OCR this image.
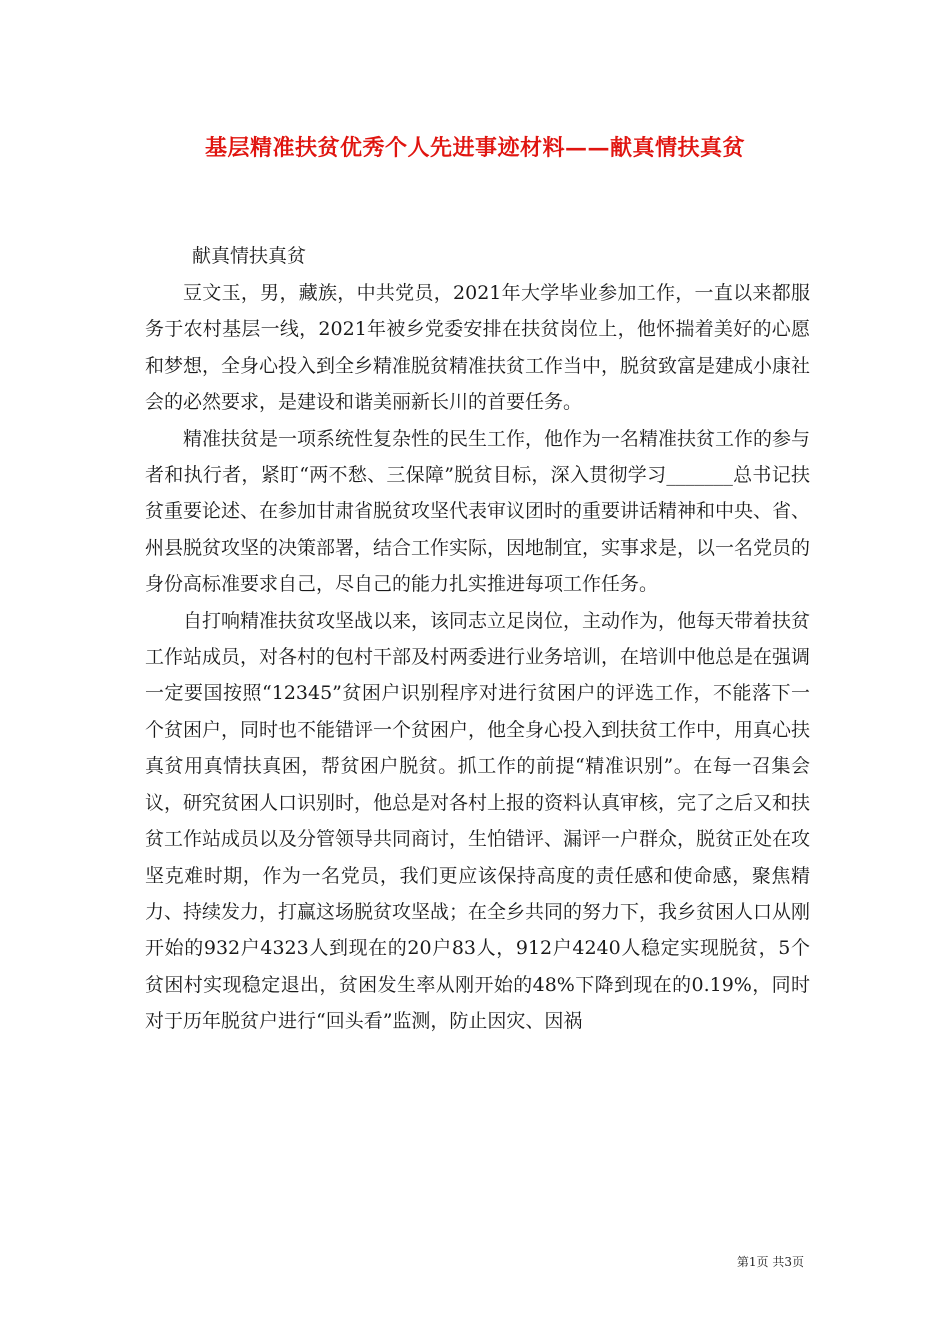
基层精准扶贫优秀个人先进事迹材料——献真情扶真贫
献真情扶真贫

豆文玉，男，藏族，中共党员，2021年大学毕业参加工作，一直以来都服务于农村基层一线，2021年被乡党委安排在扶贫岗位上，他怀揣着美好的心愿和梦想，全身心投入到全乡精准脱贫精准扶贫工作当中，脱贫致富是建成小康社会的必然要求，是建设和谐美丽新长川的首要任务。

精准扶贫是一项系统性复杂性的民生工作，他作为一名精准扶贫工作的参与者和执行者，紧盯“两不愁、三保障”脱贫目标，深入贯彻学习_______总书记扶贫重要论述、在参加甘肃省脱贫攻坚代表审议团时的重要讲话精神和中央、省、州县脱贫攻坚的决策部署，结合工作实际，因地制宜，实事求是，以一名党员的身份高标准要求自己，尽自己的能力扎实推进每项工作任务。

自打响精准扶贫攻坚战以来，该同志立足岗位，主动作为，他每天带着扶贫工作站成员，对各村的包村干部及村两委进行业务培训，在培训中他总是在强调一定要国按照“12345”贫困户识别程序对进行贫困户的评选工作，不能落下一个贫困户，同时也不能错评一个贫困户，他全身心投入到扶贫工作中，用真心扶真贫用真情扶真困，帮贫困户脱贫。抓工作的前提“精准识别”。在每一召集会议，研究贫困人口识别时，他总是对各村上报的资料认真审核，完了之后又和扶贫工作站成员以及分管领导共同商讨，生怕错评、漏评一户群众，脱贫正处在攻坚克难时期，作为一名党员，我们更应该保持高度的责任感和使命感，聚焦精力、持续发力，打赢这场脱贫攻坚战；在全乡共同的努力下，我乡贫困人口从刚开始的932户4323人到现在的20户83人，912户4240人稳定实现脱贫，5个贫困村实现稳定退出，贫困发生率从刚开始的48%下降到现在的0.19%，同时对于历年脱贫户进行“回头看”监测，防止因灾、因祸

第1页 共3页
